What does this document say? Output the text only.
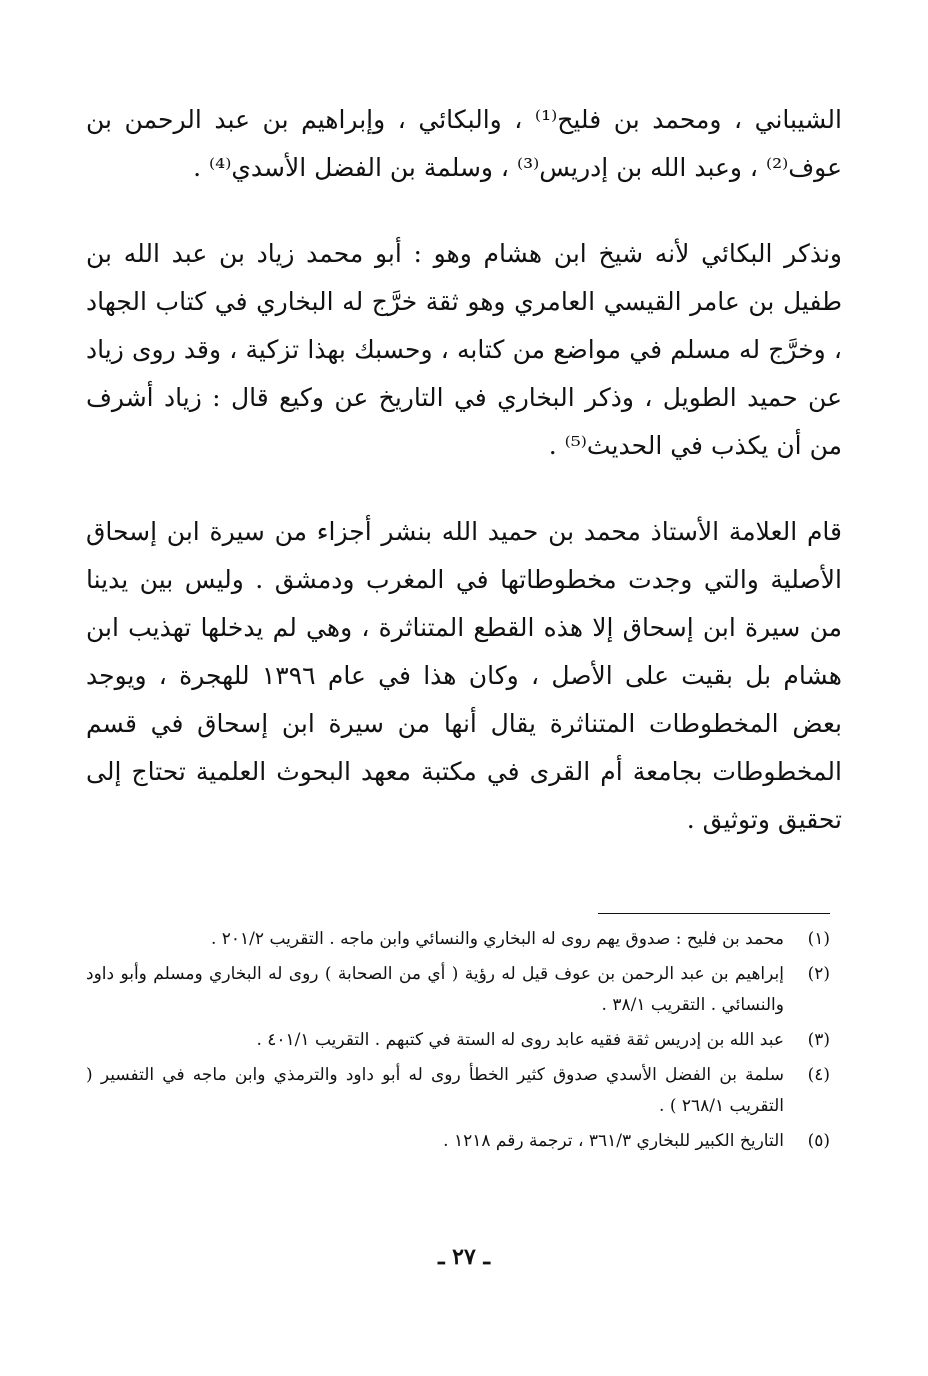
الشيباني ، ومحمد بن فليح⁽¹⁾ ، والبكائي ، وإبراهيم بن عبد الرحمن بن عوف⁽²⁾ ، وعبد الله بن إدريس⁽³⁾ ، وسلمة بن الفضل الأسدي⁽⁴⁾ .

ونذكر البكائي لأنه شيخ ابن هشام وهو : أبو محمد زياد بن عبد الله بن طفيل بن عامر القيسي العامري وهو ثقة خرَّج له البخاري في كتاب الجهاد ، وخرَّج له مسلم في مواضع من كتابه ، وحسبك بهذا تزكية ، وقد روى زياد عن حميد الطويل ، وذكر البخاري في التاريخ عن وكيع قال : زياد أشرف من أن يكذب في الحديث⁽⁵⁾ .

قام العلامة الأستاذ محمد بن حميد الله بنشر أجزاء من سيرة ابن إسحاق الأصلية والتي وجدت مخطوطاتها في المغرب ودمشق . وليس بين يدينا من سيرة ابن إسحاق إلا هذه القطع المتناثرة ، وهي لم يدخلها تهذيب ابن هشام بل بقيت على الأصل ، وكان هذا في عام ١٣٩٦ للهجرة ، ويوجد بعض المخطوطات المتناثرة يقال أنها من سيرة ابن إسحاق في قسم المخطوطات بجامعة أم القرى في مكتبة معهد البحوث العلمية تحتاج إلى تحقيق وتوثيق .

(١)
محمد بن فليح : صدوق يهم روى له البخاري والنسائي وابن ماجه . التقريب ٢٠١/٢ .
(٢)
إبراهيم بن عبد الرحمن بن عوف قيل له رؤية ( أي من الصحابة ) روى له البخاري ومسلم وأبو داود والنسائي . التقريب ٣٨/١ .
(٣)
عبد الله بن إدريس ثقة فقيه عابد روى له الستة في كتبهم . التقريب ٤٠١/١ .
(٤)
سلمة بن الفضل الأسدي صدوق كثير الخطأ روى له أبو داود والترمذي وابن ماجه في التفسير ( التقريب ٢٦٨/١ ) .
(٥)
التاريخ الكبير للبخاري ٣٦١/٣ ، ترجمة رقم ١٢١٨ .
ـ ٢٧ ـ
